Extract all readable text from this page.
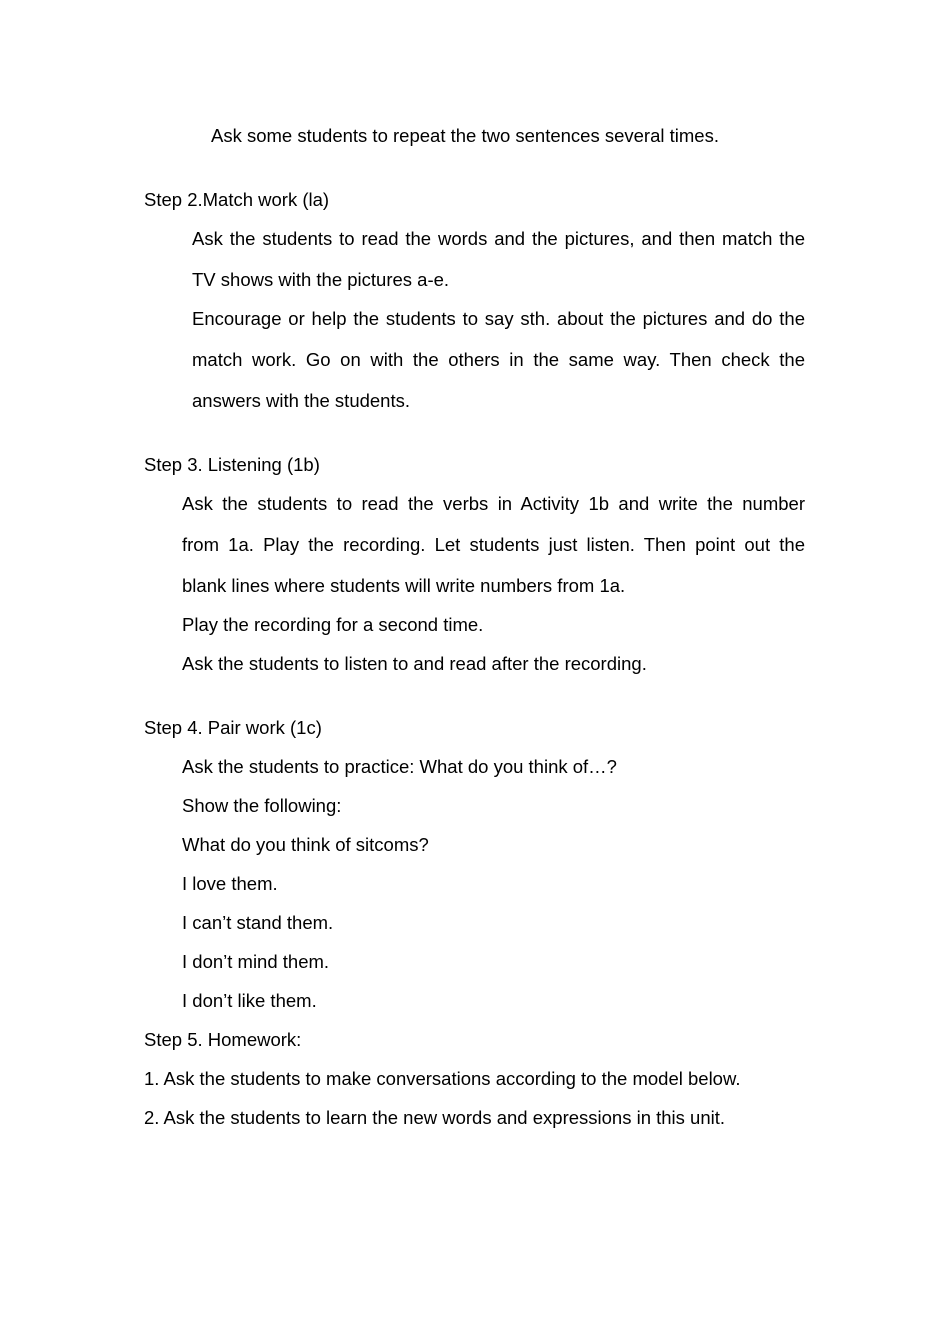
Ask some students to repeat the two sentences several times.

Step 2.Match work (la)

Ask the students to read the words and the pictures, and then match the

TV shows with the pictures a-e.

Encourage or help the students to say sth. about the pictures and do the

match work. Go on with the others in the same way. Then check the

answers with the students.

Step 3. Listening (1b)

Ask the students to read the verbs in Activity 1b and write the number

from 1a. Play the recording. Let students just listen. Then point out the

blank lines where students will write numbers from 1a.

Play the recording for a second time.

Ask the students to listen to and read after the recording.

Step 4. Pair work (1c)

Ask the students to practice: What do you think of…?

Show the following:

What do you think of sitcoms?

I love them.

I can’t stand them.

I don’t mind them.

I don’t like them.

Step 5. Homework:

1. Ask the students to make conversations according to the model below.

2. Ask the students to learn the new words and expressions in this unit.
